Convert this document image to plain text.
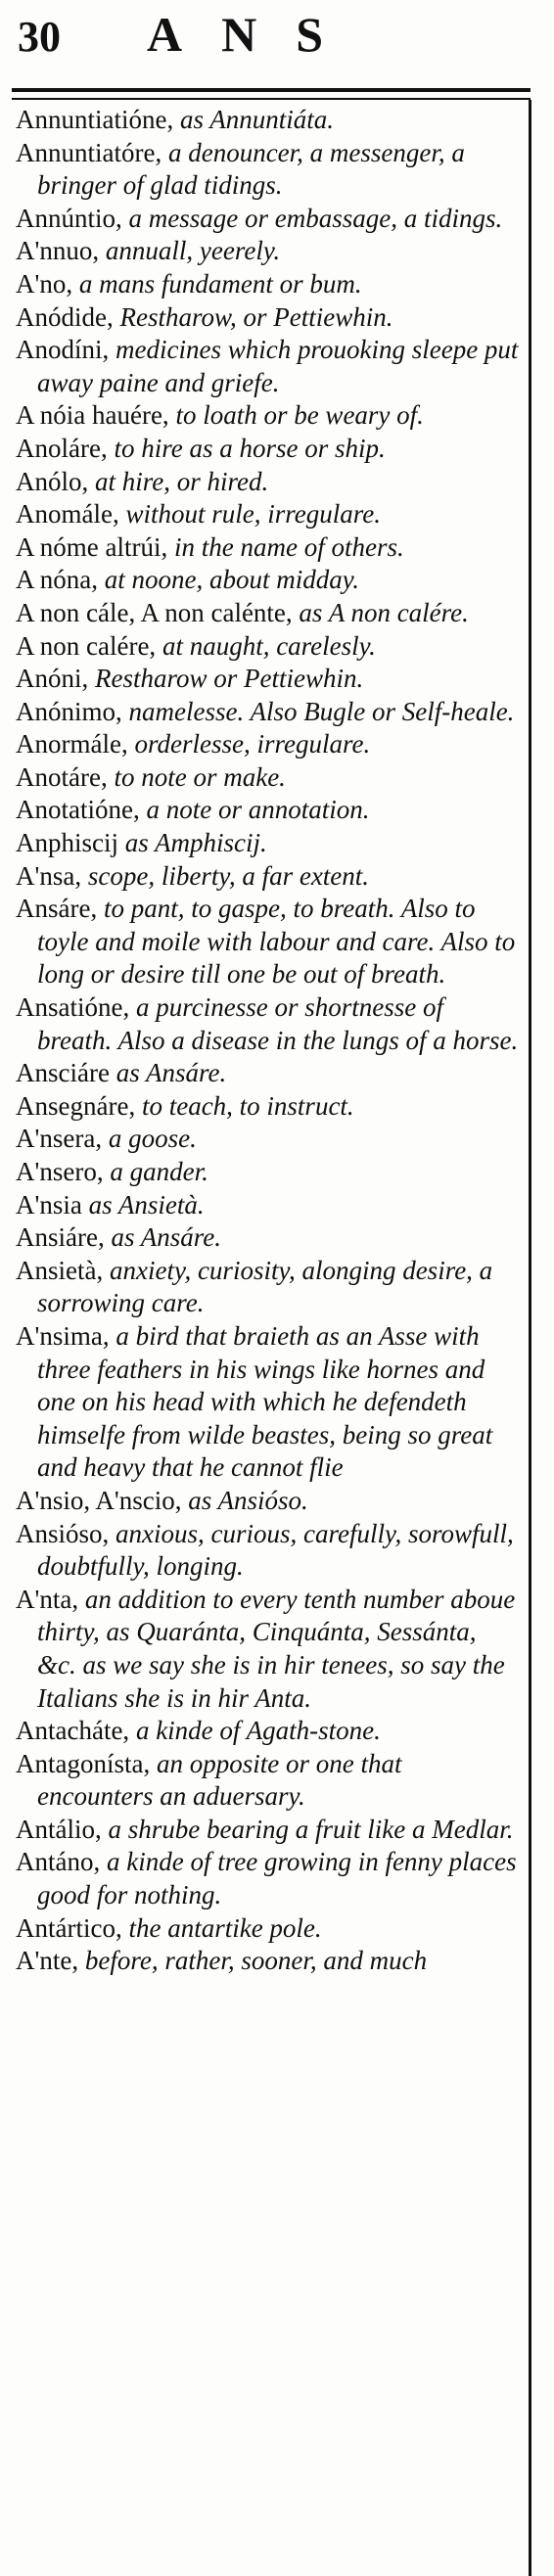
30 ANS
Annuntiatióne, as Annuntiáta.
Annuntiatóre, a denouncer, a messenger, a bringer of glad tidings.
Annúntio, a message or embassage, a tidings.
A'nnuo, annuall, yeerely.
A'no, a mans fundament or bum.
Anódide, Restharow, or Pettiewhin.
Anodíni, medicines which prouoking sleepe put away paine and griefe.
A nóia hauére, to loath or be weary of.
Anoláre, to hire as a horse or ship.
Anólo, at hire, or hired.
Anomále, without rule, irregulare.
A nóme altrúi, in the name of others.
A nóna, at noone, about midday.
A non cále, A non calénte, as A non calére.
A non calére, at naught, carelesly.
Anóni, Restharow or Pettiewhin.
Anónimo, namelesse. Also Bugle or Self-heale.
Anormále, orderlesse, irregulare.
Anotáre, to note or make.
Anotatióne, a note or annotation.
Anphiscij as Amphiscij.
A'nsa, scope, liberty, a far extent.
Ansáre, to pant, to gaspe, to breath. Also to toyle and moile with labour and care. Also to long or desire till one be out of breath.
Ansatióne, a purcinesse or shortnesse of breath. Also a disease in the lungs of a horse.
Ansciáre as Ansáre.
Ansegnáre, to teach, to instruct.
A'nsera, a goose.
A'nsero, a gander.
A'nsia as Ansietà.
Ansiáre, as Ansáre.
Ansietà, anxiety, curiosity, alonging desire, a sorrowing care.
A'nsima, a bird that braieth as an Asse with three feathers in his wings like hornes and one on his head with which he defendeth himselfe from wilde beastes, being so great and heavy that he cannot flie
A'nsio, A'nscio, as Ansióso.
Ansióso, anxious, curious, carefully, sorowfull, doubtfully, longing.
A'nta, an addition to every tenth number aboue thirty, as Quaránta, Cinquánta, Sessánta, &c. as we say she is in hir tenees, so say the Italians she is in hir Anta.
Antacháte, a kinde of Agath-stone.
Antagonísta, an opposite or one that encounters an aduersary.
Antálio, a shrube bearing a fruit like a Medlar.
Antáno, a kinde of tree growing in fenny places good for nothing.
Antártico, the antartike pole.
A'nte, before, rather, sooner, and much
